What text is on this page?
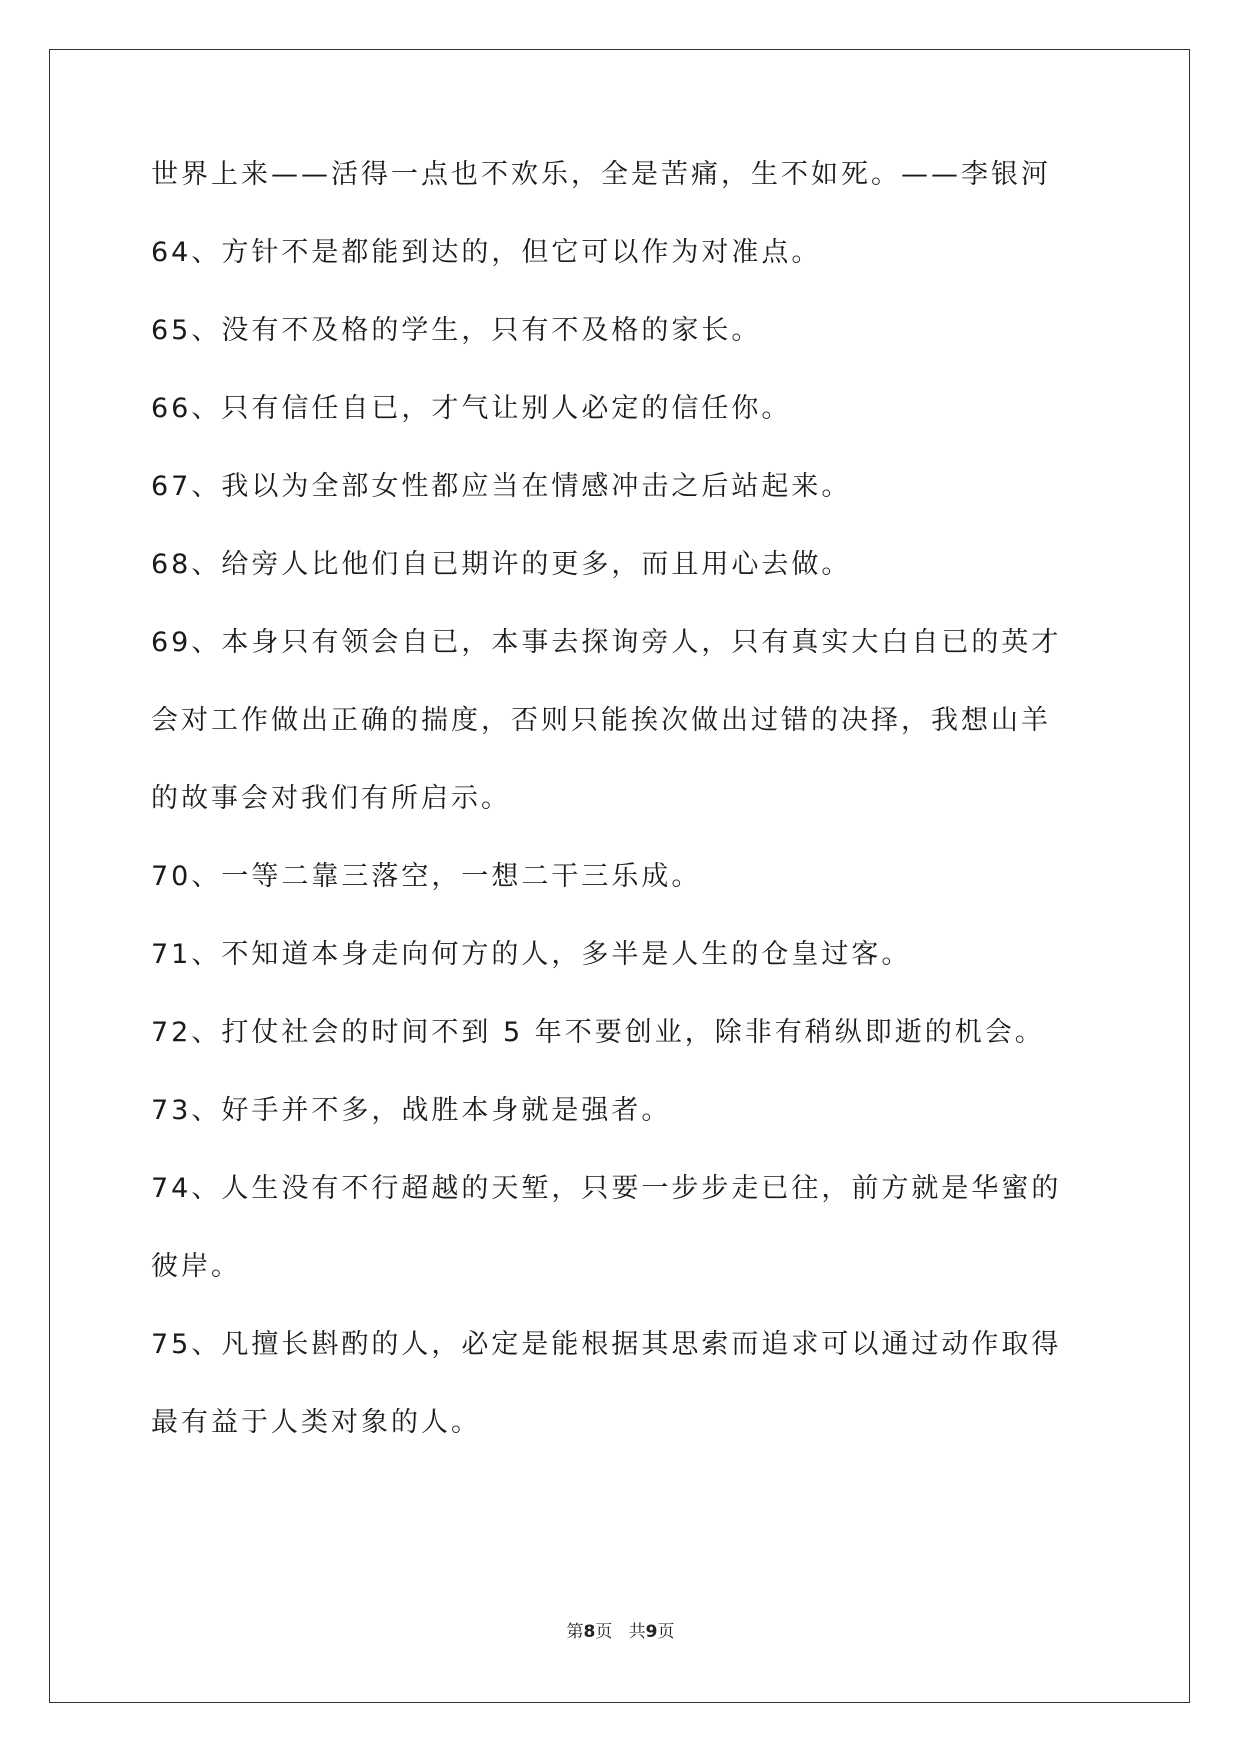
世界上来——活得一点也不欢乐，全是苦痛，生不如死。——李银河
64、方针不是都能到达的，但它可以作为对准点。
65、没有不及格的学生，只有不及格的家长。
66、只有信任自已，才气让别人必定的信任你。
67、我以为全部女性都应当在情感冲击之后站起来。
68、给旁人比他们自已期许的更多，而且用心去做。
69、本身只有领会自已，本事去探询旁人，只有真实大白自已的英才
会对工作做出正确的揣度，否则只能挨次做出过错的决择，我想山羊
的故事会对我们有所启示。
70、一等二靠三落空，一想二干三乐成。
71、不知道本身走向何方的人，多半是人生的仓皇过客。
72、打仗社会的时间不到 5 年不要创业，除非有稍纵即逝的机会。
73、好手并不多，战胜本身就是强者。
74、人生没有不行超越的天堑，只要一步步走已往，前方就是华蜜的
彼岸。
75、凡擅长斟酌的人，必定是能根据其思索而追求可以通过动作取得
最有益于人类对象的人。
第8页   共9页
